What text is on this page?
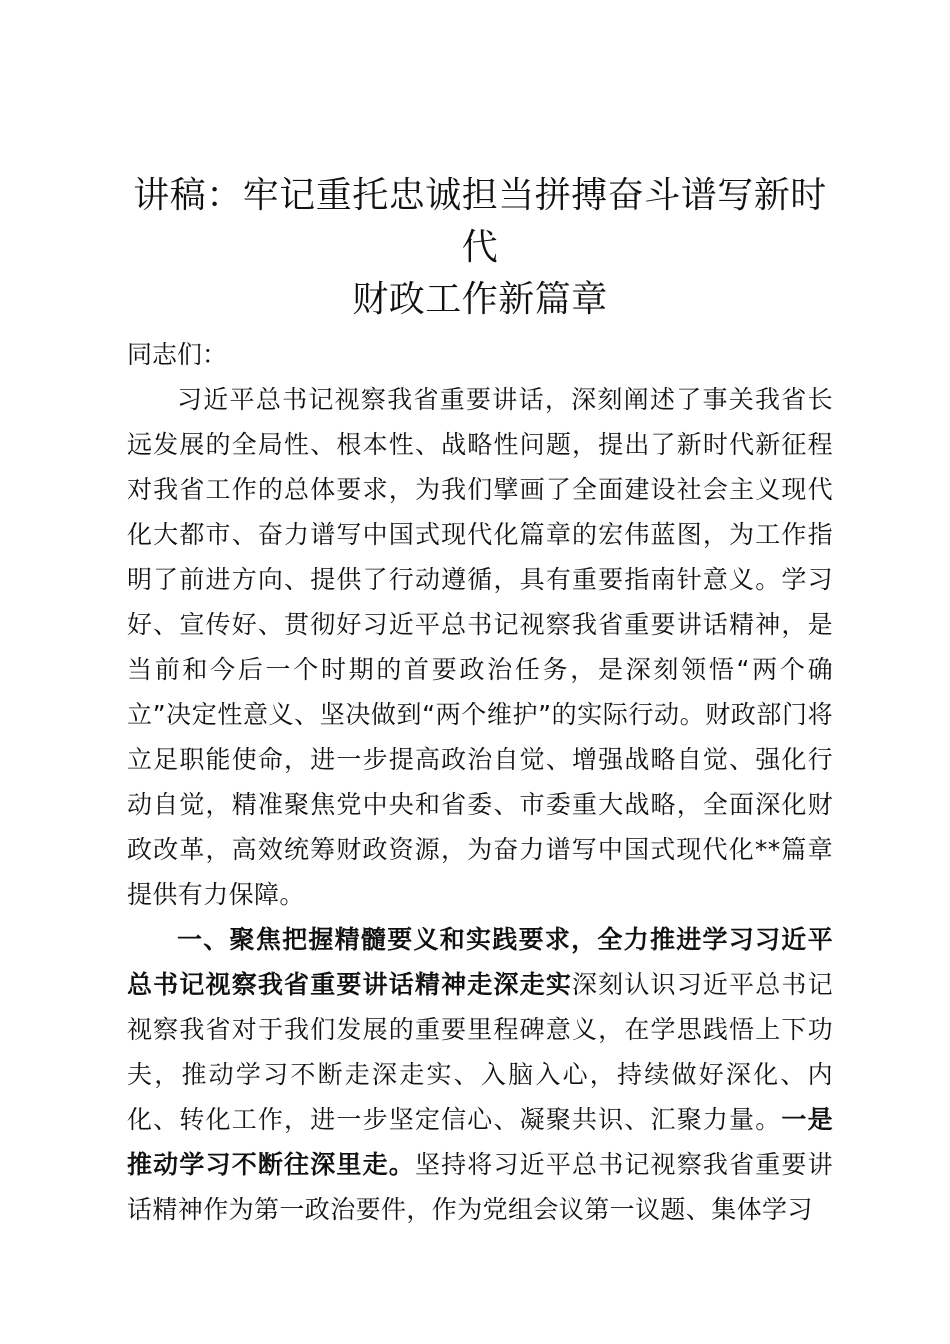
讲稿：牢记重托忠诚担当拼搏奋斗谱写新时代
财政工作新篇章

同志们：

习近平总书记视察我省重要讲话，深刻阐述了事关我省长远发展的全局性、根本性、战略性问题，提出了新时代新征程对我省工作的总体要求，为我们擘画了全面建设社会主义现代化大都市、奋力谱写中国式现代化篇章的宏伟蓝图，为工作指明了前进方向、提供了行动遵循，具有重要指南针意义。学习好、宣传好、贯彻好习近平总书记视察我省重要讲话精神，是当前和今后一个时期的首要政治任务，是深刻领悟“两个确立”决定性意义、坚决做到“两个维护”的实际行动。财政部门将立足职能使命，进一步提高政治自觉、增强战略自觉、强化行动自觉，精准聚焦党中央和省委、市委重大战略，全面深化财政改革，高效统筹财政资源，为奋力谱写中国式现代化**篇章提供有力保障。

一、聚焦把握精髓要义和实践要求，全力推进学习习近平总书记视察我省重要讲话精神走深走实深刻认识习近平总书记视察我省对于我们发展的重要里程碑意义，在学思践悟上下功夫，推动学习不断走深走实、入脑入心，持续做好深化、内化、转化工作，进一步坚定信心、凝聚共识、汇聚力量。一是推动学习不断往深里走。坚持将习近平总书记视察我省重要讲话精神作为第一政治要件，作为党组会议第一议题、集体学习
